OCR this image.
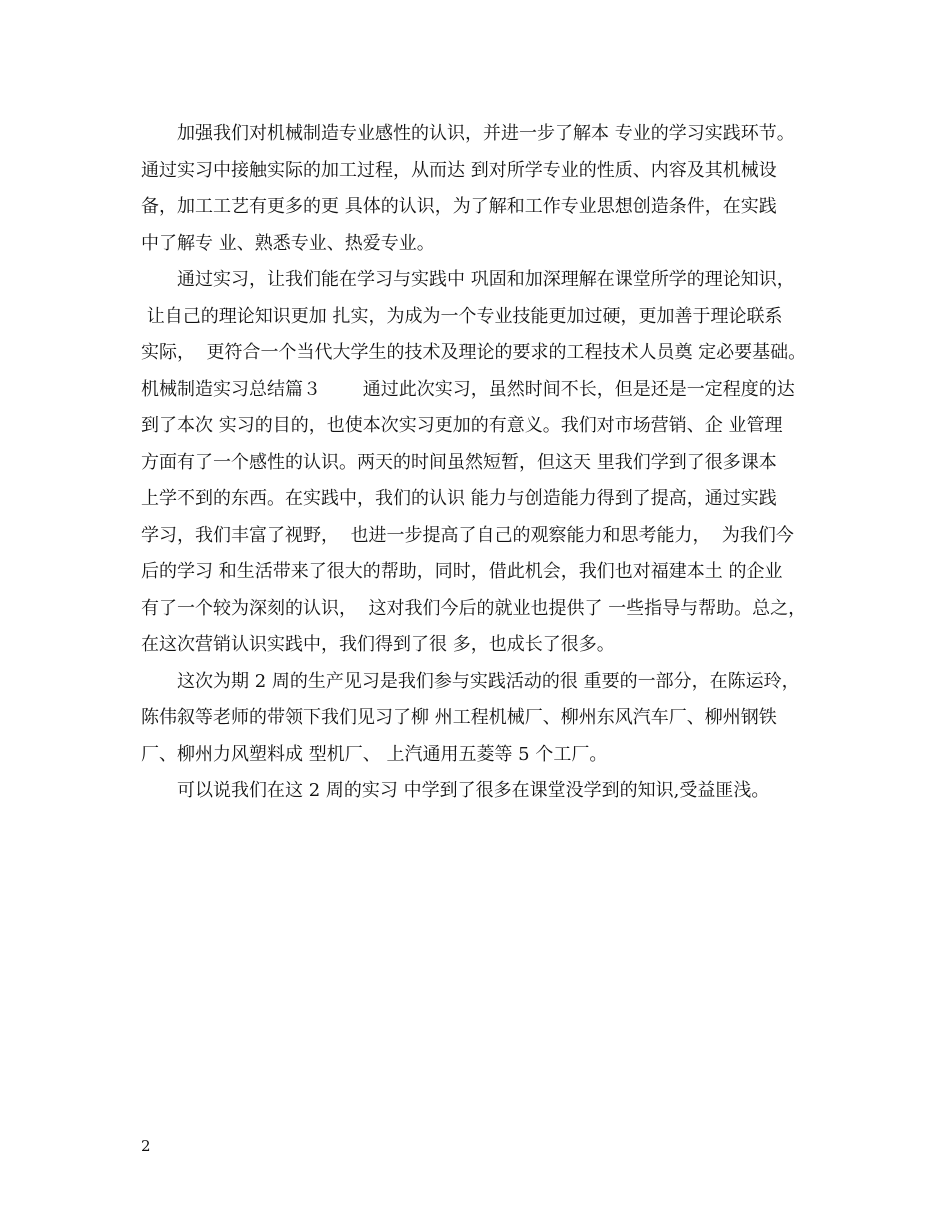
　　加强我们对机械制造专业感性的认识，并进一步了解本 专业的学习实践环节。
通过实习中接触实际的加工过程，从而达 到对所学专业的性质、内容及其机械设
备，加工工艺有更多的更 具体的认识，为了解和工作专业思想创造条件，在实践
中了解专 业、熟悉专业、热爱专业。
　　通过实习，让我们能在学习与实践中 巩固和加深理解在课堂所学的理论知识，
让自己的理论知识更加 扎实，为成为一个专业技能更加过硬，更加善于理论联系
实际，  更符合一个当代大学生的技术及理论的要求的工程技术人员奠 定必要基础。
机械制造实习总结篇３　　 通过此次实习，虽然时间不长，但是还是一定程度的达
到了本次 实习的目的，也使本次实习更加的有意义。我们对市场营销、企 业管理
方面有了一个感性的认识。两天的时间虽然短暂，但这天 里我们学到了很多课本
上学不到的东西。在实践中，我们的认识 能力与创造能力得到了提高，通过实践
学习，我们丰富了视野，  也进一步提高了自己的观察能力和思考能力，  为我们今
后的学习 和生活带来了很大的帮助，同时，借此机会，我们也对福建本土 的企业
有了一个较为深刻的认识，  这对我们今后的就业也提供了 一些指导与帮助。总之，
在这次营销认识实践中，我们得到了很 多，也成长了很多。
　　这次为期 2 周的生产见习是我们参与实践活动的很 重要的一部分，在陈运玲，
陈伟叙等老师的带领下我们见习了柳 州工程机械厂、柳州东风汽车厂、柳州钢铁
厂、柳州力风塑料成 型机厂、 上汽通用五菱等 5 个工厂。
　　可以说我们在这 2 周的实习 中学到了很多在课堂没学到的知识,受益匪浅。
2
